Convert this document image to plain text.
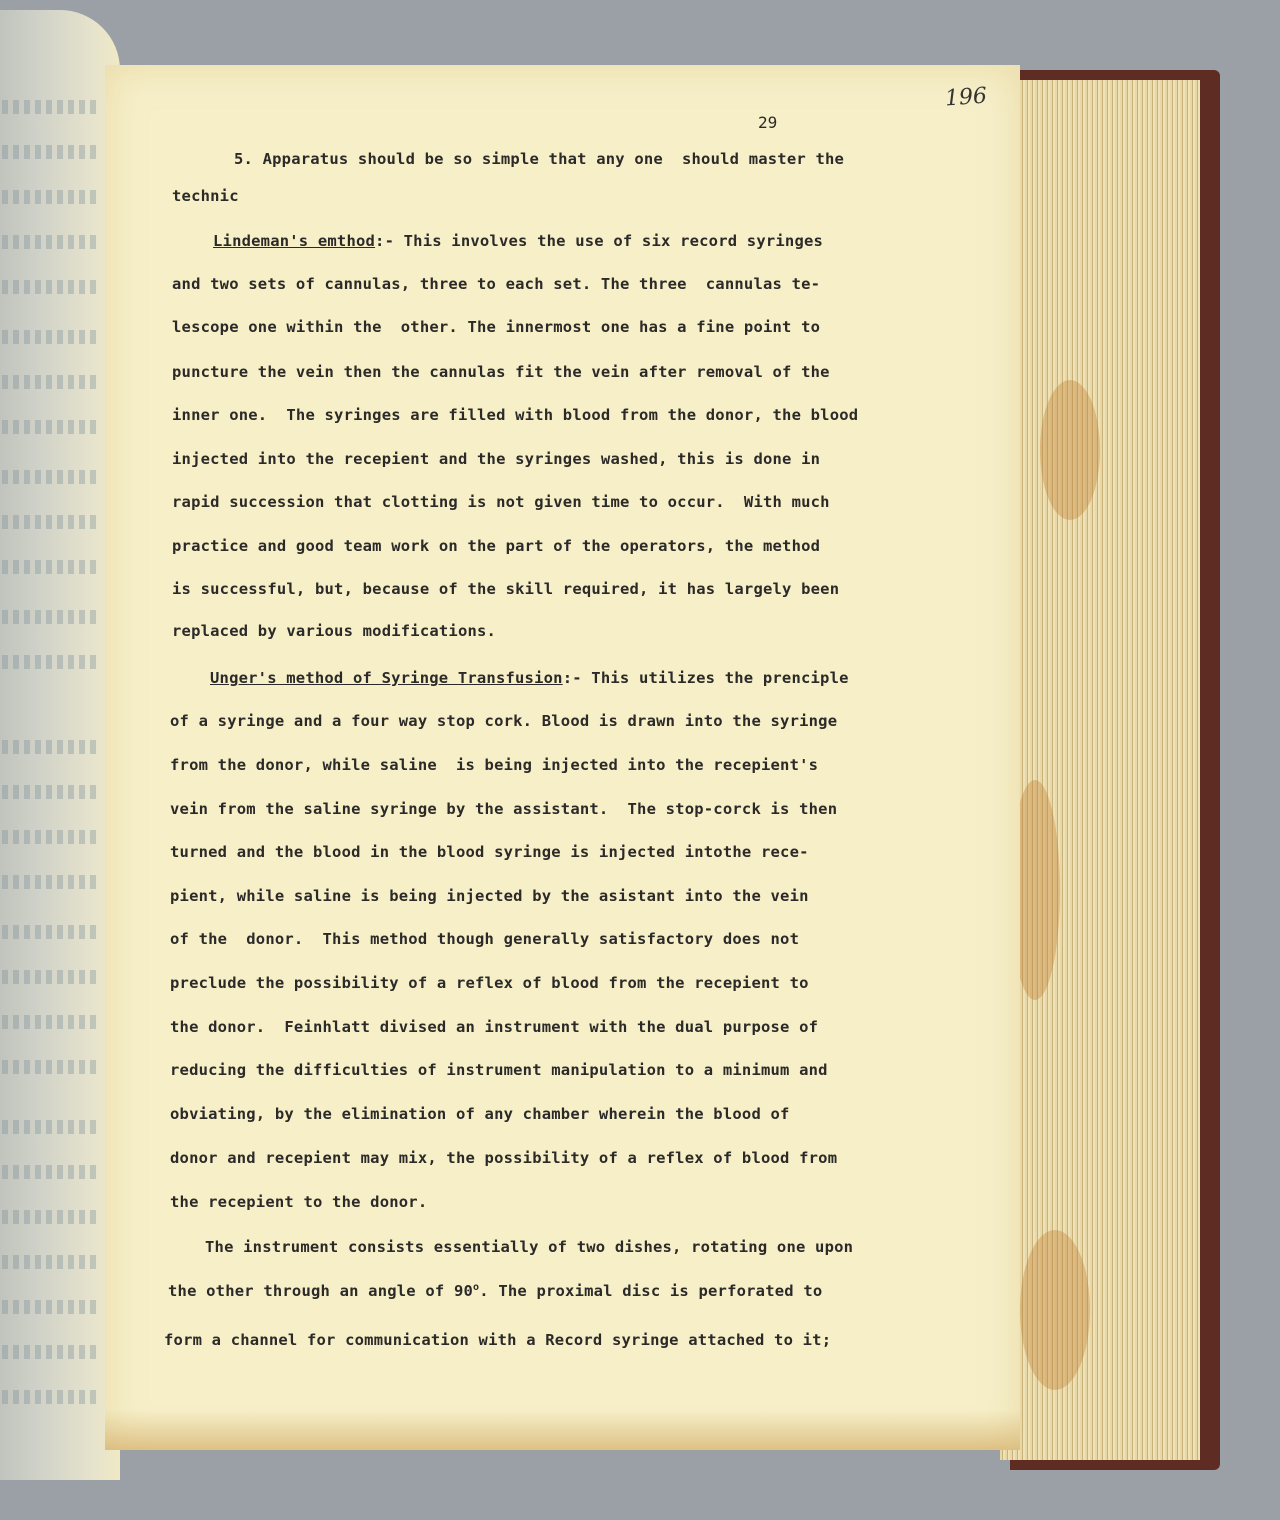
196
29
5. Apparatus should be so simple that any one  should master the
technic
Lindeman's emthod:- This involves the use of six record syringes
and two sets of cannulas, three to each set. The three  cannulas te-
lescope one within the  other. The innermost one has a fine point to
puncture the vein then the cannulas fit the vein after removal of the
inner one.  The syringes are filled with blood from the donor, the blood
injected into the recepient and the syringes washed, this is done in
rapid succession that clotting is not given time to occur.  With much
practice and good team work on the part of the operators, the method
is successful, but, because of the skill required, it has largely been
replaced by various modifications.
Unger's method of Syringe Transfusion:- This utilizes the prenciple
of a syringe and a four way stop cork. Blood is drawn into the syringe
from the donor, while saline  is being injected into the recepient's
vein from the saline syringe by the assistant.  The stop-corck is then
turned and the blood in the blood syringe is injected intothe rece-
pient, while saline is being injected by the asistant into the vein
of the  donor.  This method though generally satisfactory does not
preclude the possibility of a reflex of blood from the recepient to
the donor.  Feinhlatt divised an instrument with the dual purpose of
reducing the difficulties of instrument manipulation to a minimum and
obviating, by the elimination of any chamber wherein the blood of
donor and recepient may mix, the possibility of a reflex of blood from
the recepient to the donor.
The instrument consists essentially of two dishes, rotating one upon
the other through an angle of 90$^o$. The proximal disc is perforated to
form a channel for communication with a Record syringe attached to it;
